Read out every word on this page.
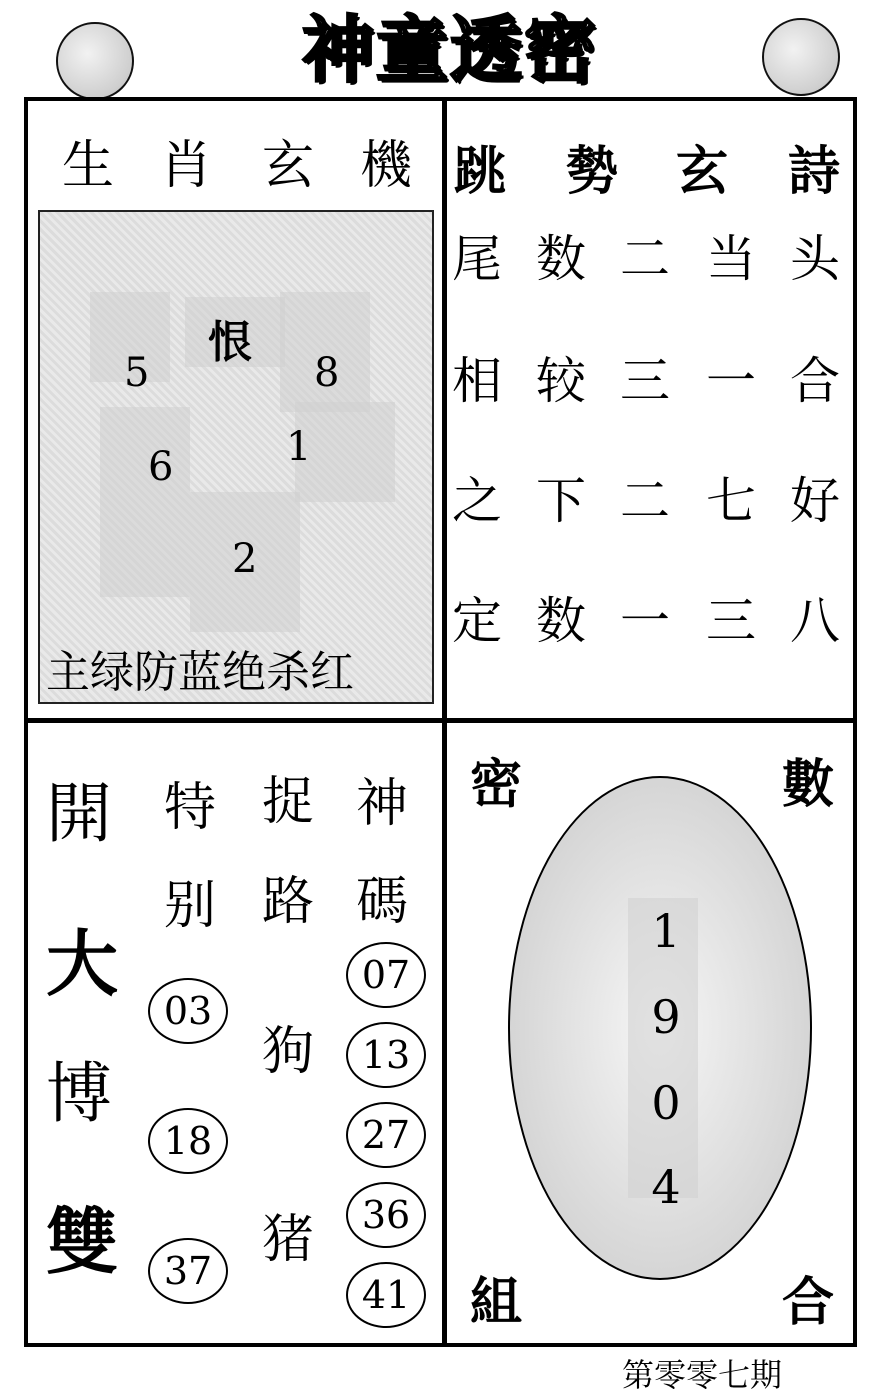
神童透密
生 肖 玄 機
恨
5	8
6	1
2
主绿防蓝绝杀红
跳 勢 玄 詩
尾 数 二 当 头
相 较 三 一 合
之 下 二 七 好
定 数 一 三 八
開
大
博
雙
特
别
捉
路
神
碼
03
18
37
狗
猪
07
13
27
36
41
密	數
組	合
1
9
0
4
第零零七期
